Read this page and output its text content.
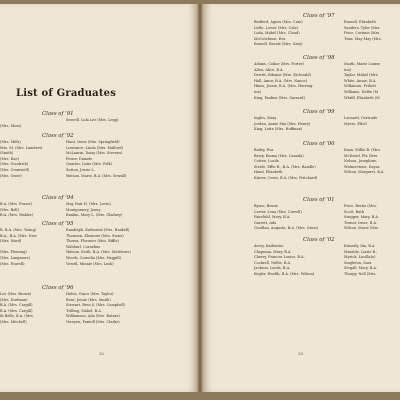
List of Graduates
Class of '91
Seavell, Lula Lee (Mrs. Legg)
(Mrs. Moss)
Class of '92
(Mrs. Mills)	Hunt, Irene (Mrs. Springfield)
Mrs. M. (Mrs. Lambert)	Lowrance, Linda (Mrs. Malford)
(Smith)	McLaurin, Daisy (Mrs. Stevens)
(Mrs. Rae)	Power, Damele
(Mrs. Goodrich)	Quarles, Lutie (Mrs. Polk)
(Mrs. Cromwell)	Sutton, Jessie L.
(Mrs. Ozier)	Watson, Marie, B.A. (Mrs. Sewall)
Class of '94
B.A. (Mrs. Fraser)	May Hair H. (Mrs. Levin)
(Mrs. Bell)	Montgomery, Jenny
B.A. (Mrs. Mahler)	Rankin, Mary L. (Mrs. Gladney)
Class of '95
R. B.A. (Mrs. Young)	Randolph, Katherine (Mrs. Haskell)
B.A., B.A. (Mrs. New	Thomsen, Eleanore (Mrs. Stone)
(Mrs. Ward)	Thorns, Florence (Mrs. Riffle)
Wahburl, Cornelius
(Mrs. Fleming)	Watson, Keith, B.A. (Mrs. Matthews)
(Mrs. Langmore)	Woods, Cornelia (Mrs. Hegpill)
(Mrs. Howell)	Yowell, Minnie (Mrs. Lusk)
Class of '96
Lee (Mrs. Brown)	Helen, Grace (Mrs. Taylor)
(Mrs. Dorfman)	Rose, Jessie (Mrs. Smith)
B.A. (Mrs. Cargill)	Stewart, Bess S. (Mrs. Campbell)
B.A. (Mrs. Cargill)	Trilling, Mabel, B.A.
th Belle, B.A. (Mrs.	Williamson, Ada (Mrs. Batner)
(Mrs. Mitchell)	Vereyen, Pantell (Mrs. Clarke)
32
Class of '97
Bedford, Agnes (Mrs. Cain)	Russell, Elizabeth
Little, Lower (Mrs. Cole)	Sanders, Tyler (Mrs.
Loda, Mabel (Mrs. Cloud)	Price, Corinne (Mrs.
McCutcheon, Eva	Tims, May May (Mrs.
Russell, Beside (Mrs. Gary)
Class of '98
Adams, Coline (Mrs. Porter)	Smith, Marie Louise
Allen, Alice, B.A.	ton)
Dewitt, Ribanie (Mrs. Eichwald)	Taylor, Mabel (Mrs.
Hall, Amor, B.A. (Mrs. Nance)	White, Annie, B.A.
Hines, Jessie, B.A. (Mrs. Herring-	Wilkinson, Pribett
ton)	Williams, Nellie (M
King, Pauline (Mrs. Garrard)	Whitfl, Elizabeth (M
Class of '99
Ingles, Mary	Leonard, Gertrude
Jordan, Annie Mai (Mrs. Henry)	Myers, Ethel
King, Lotte (Mrs. Hoffman)
Class of '00
Bailey, Eva	Knox, Millie B. (Mrs.
Berry, Emma (Mrs. Canada)	McDavid, Fla (Mrs.
Cotten, Lucile	Nelson, Josephine,
Steele, Effie R., B.A. (Mrs. Randle)	Widnerstone, Daysa
Hand, Elizabeth	Wilson, Margaret, B.A
Kinver, Corra, B.A. (Mrs. Pritchard)
Class of '01
Byrne, Bessie	Price, Bertie (Mrs.
Carter, Lena (Mrs. Carroll)	Scott, Ruth
Fairchild, Mary, B.A.	Swigger, Mary, B.A.
Garrett, Ada	Turner, Irene, B.A.
Goodlan, Augusta, B.A. (Mrs. Gross)	Wilson, Marie (Mrs.
Class of '02
Avery, Katherine	Kirnerly, Ida, B.A.
Chapman, Mary, B.A.	Marable, Lizzie B.,
Cherry, Frances Louise, B.A.	Myrick, Lucilla(e)
Cockrell, Nellie, B.A.	Singleton, Sara
Jackson, Louds, B.A.	Stegall, Mary, B.A.
Kegler, Health, B.A. (Mrs. Wilson)	Thorpy, Nell (Mrs.
33
